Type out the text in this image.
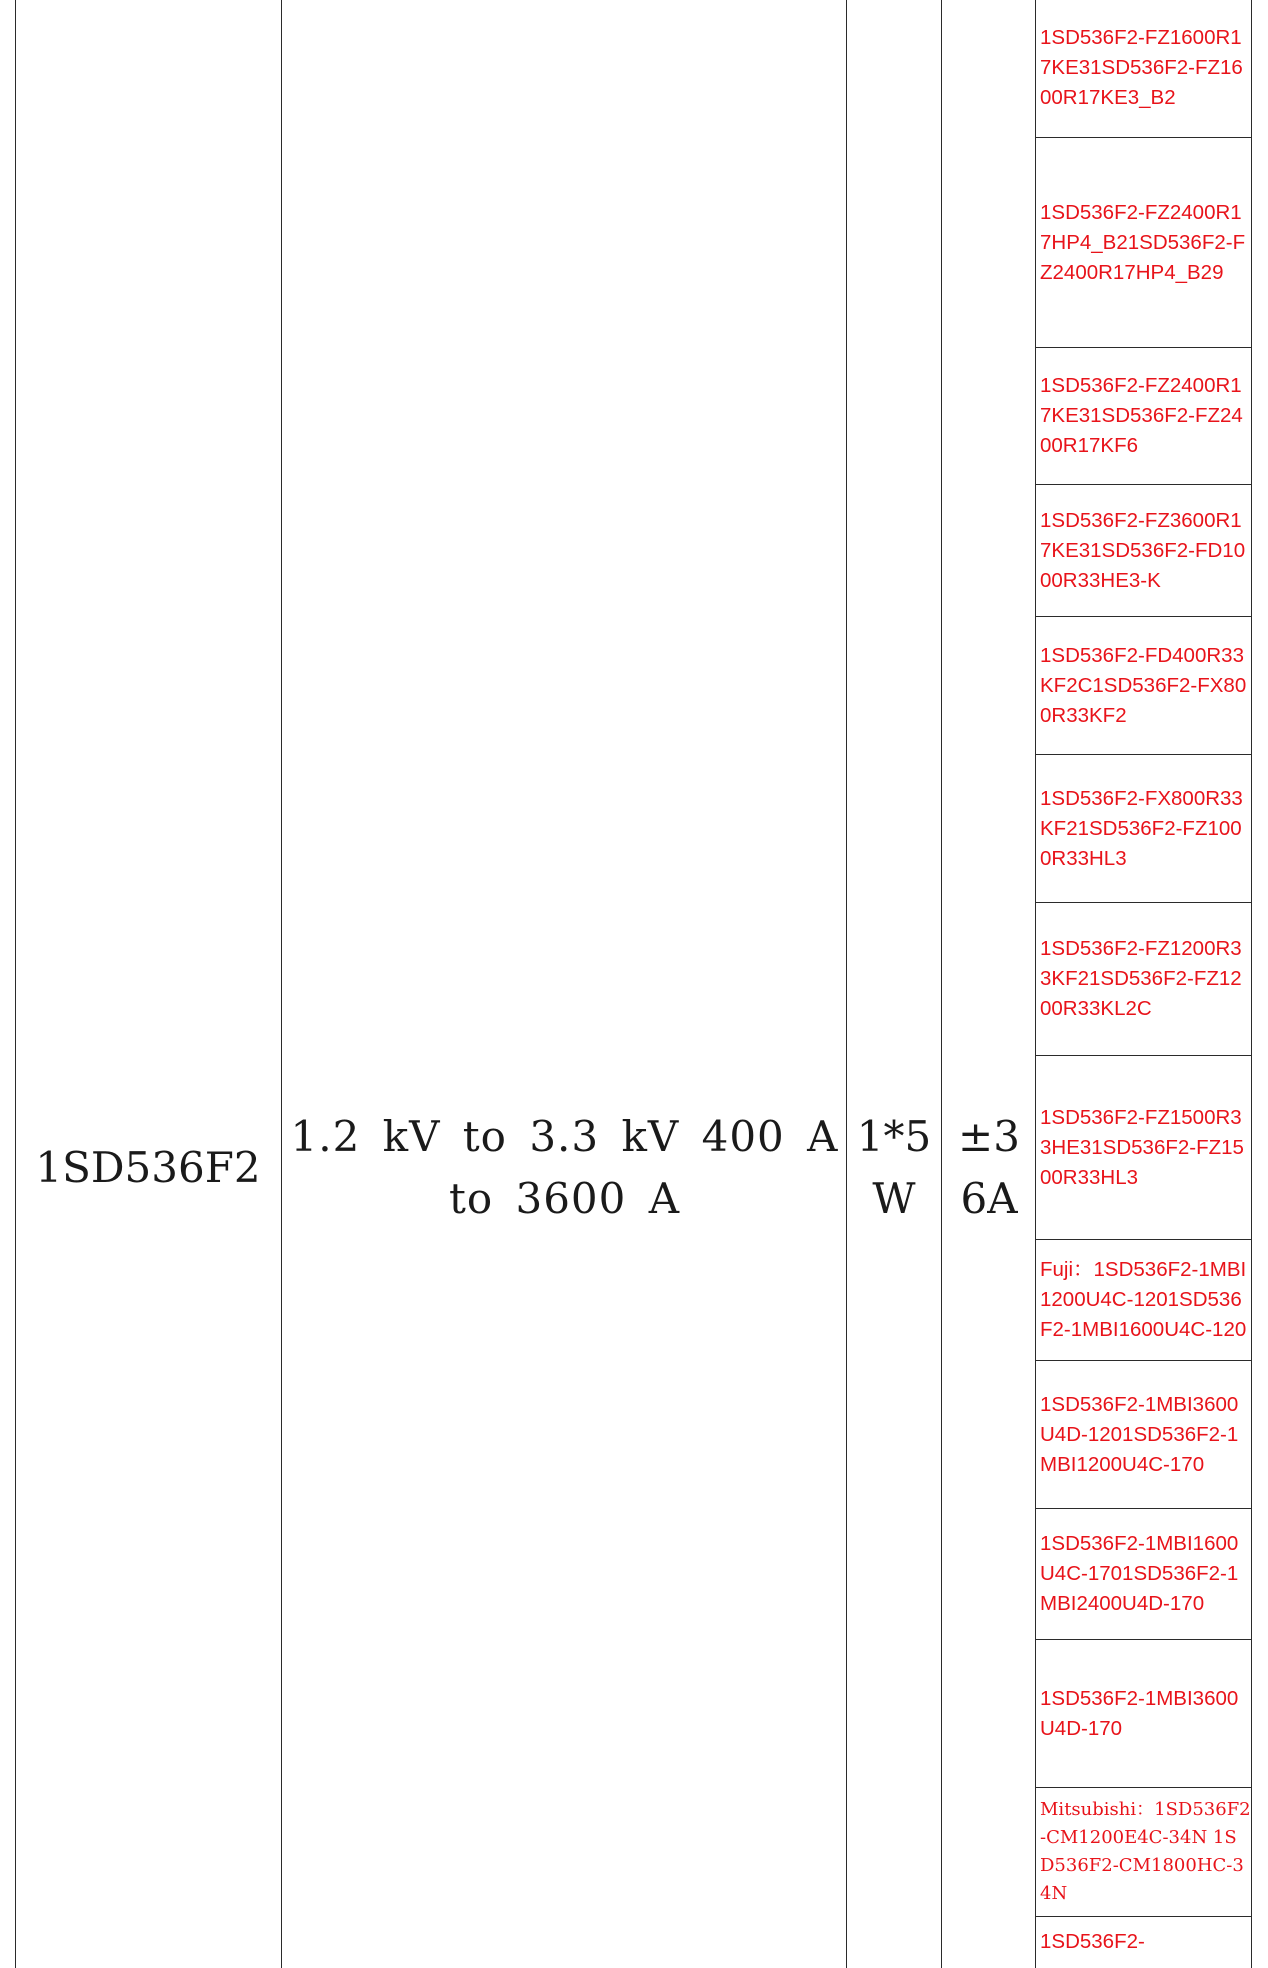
1SD536F2
1.2 kV to 3.3 kV 400 A
to 3600 A
1*5
W
±3
6A
1SD536F2-FZ1600R17KE31SD536F2-FZ1600R17KE3_B2
1SD536F2-FZ2400R17HP4_B21SD536F2-FZ2400R17HP4_B29
1SD536F2-FZ2400R17KE31SD536F2-FZ2400R17KF6
1SD536F2-FZ3600R17KE31SD536F2-FD1000R33HE3-K
1SD536F2-FD400R33KF2C1SD536F2-FX800R33KF2
1SD536F2-FX800R33KF21SD536F2-FZ1000R33HL3
1SD536F2-FZ1200R33KF21SD536F2-FZ1200R33KL2C
1SD536F2-FZ1500R33HE31SD536F2-FZ1500R33HL3
Fuji：1SD536F2-1MBI1200U4C-1201SD536F2-1MBI1600U4C-120
1SD536F2-1MBI3600U4D-1201SD536F2-1MBI1200U4C-170
1SD536F2-1MBI1600U4C-1701SD536F2-1MBI2400U4D-170
1SD536F2-1MBI3600U4D-170
Mitsubishi：1SD536F2-CM1200E4C-34N 1SD536F2-CM1800HC-34N
1SD536F2-
